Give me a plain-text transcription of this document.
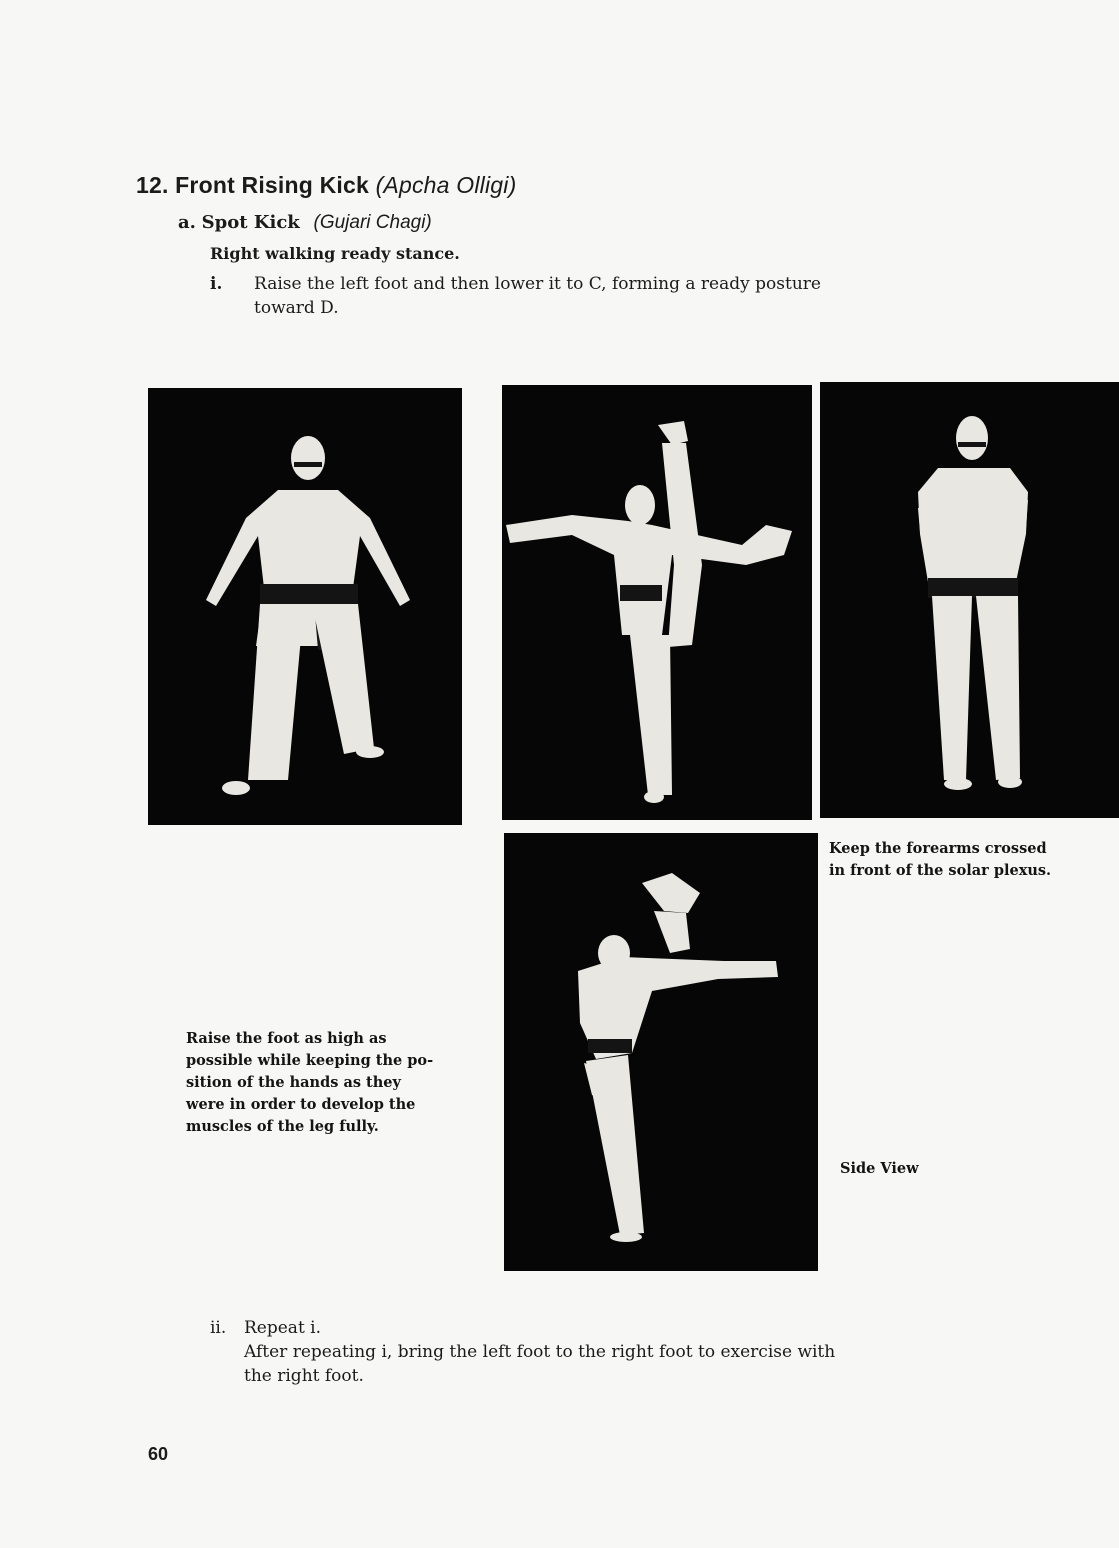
12. Front Rising Kick (Apcha Olligi)
a. Spot Kick (Gujari Chagi)
Right walking ready stance.
i. Raise the left foot and then lower it to C, forming a ready posture
toward D.
Keep the forearms crossed
in front of the solar plexus.
Raise the foot as high as
possible while keeping the po-
sition of the hands as they
were in order to develop the
muscles of the leg fully.
Side View
ii. Repeat i.
After repeating i, bring the left foot to the right foot to exercise with
the right foot.
60
